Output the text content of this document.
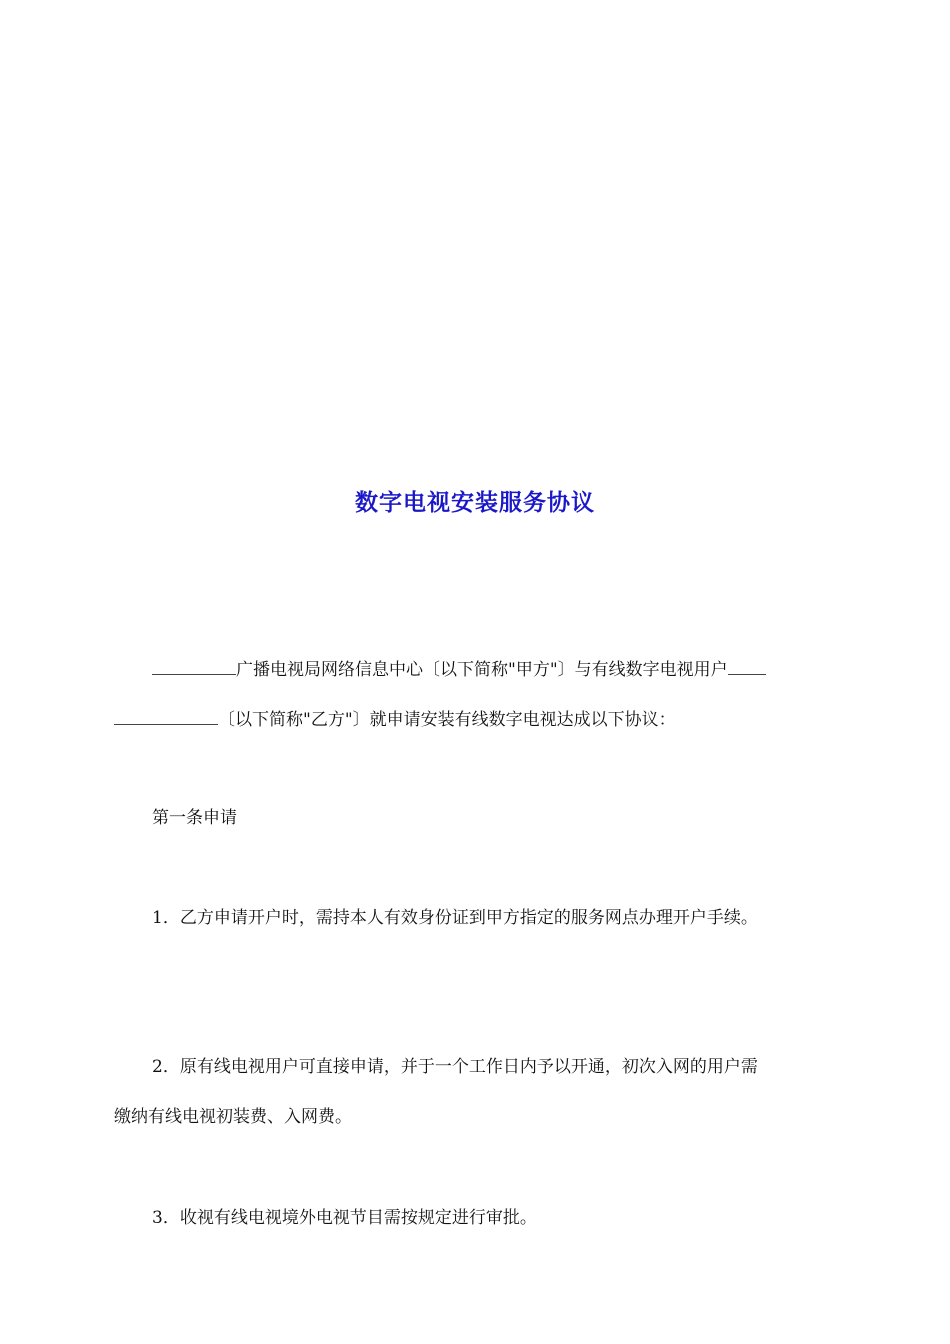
数字电视安装服务协议
广播电视局网络信息中心〔以下简称"甲方"〕与有线数字电视用户
〔以下简称"乙方"〕就申请安装有线数字电视达成以下协议：
第一条申请
1．乙方申请开户时，需持本人有效身份证到甲方指定的服务网点办理开户手续。
2．原有线电视用户可直接申请，并于一个工作日内予以开通，初次入网的用户需
缴纳有线电视初装费、入网费。
3．收视有线电视境外电视节目需按规定进行审批。
